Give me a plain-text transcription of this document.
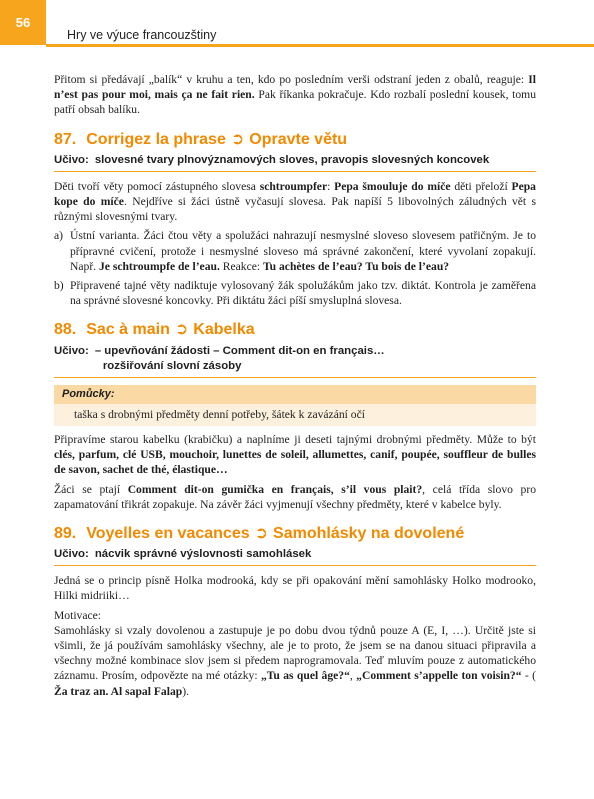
56
Hry ve výuce francouzštiny

Přitom si předávají „balík“ v kruhu a ten, kdo po posledním verši odstraní jeden z obalů, reaguje: Il n’est pas pour moi, mais ça ne fait rien. Pak říkanka pokračuje. Kdo rozbalí poslední kousek, tomu patří obsah balíku.

87. Corrigez la phrase ➲ Opravte větu
Učivo: slovesné tvary plnovýznamových sloves, pravopis slovesných koncovek

Děti tvoří věty pomocí zástupného slovesa schtroumpfer: Pepa šmouluje do míče děti přeloží Pepa kope do míče. Nejdříve si žáci ústně vyčasují slovesa. Pak napíší 5 libovolných záludných vět s různými slovesnými tvary.

a) Ústní varianta. Žáci čtou věty a spolužáci nahrazují nesmyslné sloveso slovesem patřičným. Je to přípravné cvičení, protože i nesmyslné sloveso má správné zakončení, které vyvolaní zopakují. Např. Je schtroumpfe de l’eau. Reakce: Tu achètes de l’eau? Tu bois de l’eau?
b) Připravené tajné věty nadiktuje vylosovaný žák spolužákům jako tzv. diktát. Kontrola je zaměřena na správné slovesné koncovky. Při diktátu žáci píší smysluplná slovesa.
88. Sac à main ➲ Kabelka
Učivo: – upevňování žádosti – Comment dit-on en français…
rozšiřování slovní zásoby
Pomůcky:
taška s drobnými předměty denní potřeby, šátek k zavázání očí

Připravíme starou kabelku (krabičku) a naplníme ji deseti tajnými drobnými předměty. Může to být clés, parfum, clé USB, mouchoir, lunettes de soleil, allumettes, canif, poupée, souffleur de bulles de savon, sachet de thé, élastique…

Žáci se ptají Comment dit-on gumička en français, s’il vous plait?, celá třída slovo pro zapamatování třikrát zopakuje. Na závěr žáci vyjmenují všechny předměty, které v kabelce byly.

89. Voyelles en vacances ➲ Samohlásky na dovolené
Učivo: nácvik správné výslovnosti samohlásek

Jedná se o princip písně Holka modrooká, kdy se při opakování mění samohlásky Holko modrooko, Hilki midriiki…

Motivace:

Samohlásky si vzaly dovolenou a zastupuje je po dobu dvou týdnů pouze A (E, I, …). Určitě jste si všimli, že já používám samohlásky všechny, ale je to proto, že jsem se na danou situaci připravila a všechny možné kombinace slov jsem si předem naprogramovala. Teď mluvím pouze z automatického záznamu. Prosím, odpovězte na mé otázky: „Tu as quel âge?“, „Comment s’appelle ton voisin?“ - ( Ža traz an. Al sapal Falap).
